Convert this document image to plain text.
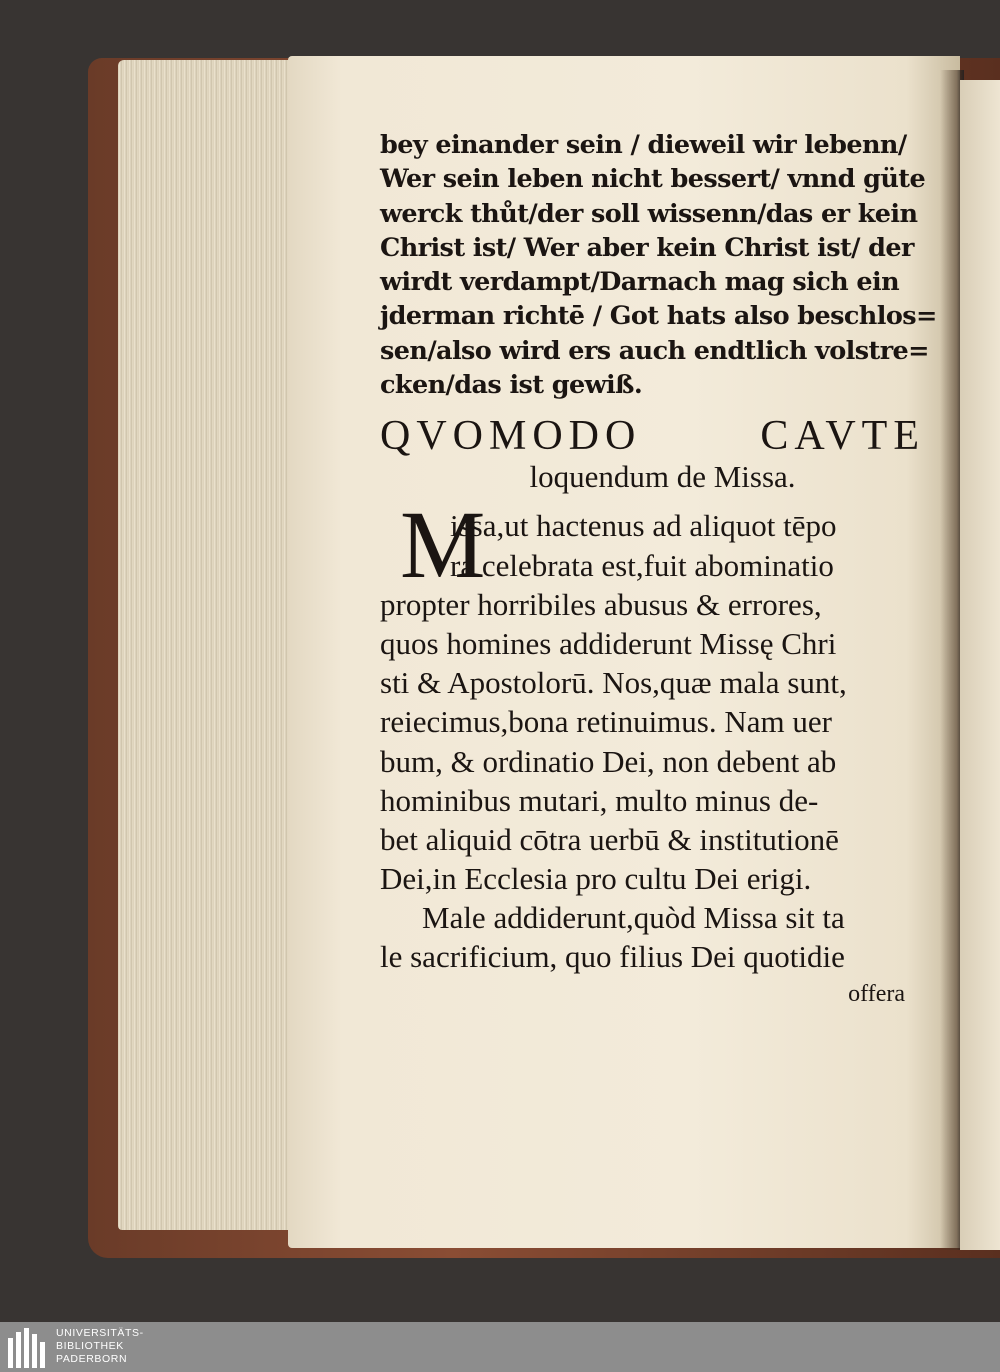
bey einander sein / dieweil wir lebenn/
Wer sein leben nicht bessert/ vnnd güte
werck thůt/der soll wissenn/das er kein
Christ ist/ Wer aber kein Christ ist/ der
wirdt verdampt/Darnach mag sich ein
jderman richtē / Got hats also beschlos=
sen/also wird ers auch endtlich volstre=
cken/das ist gewiß.
QVOMODO	CAVTE
loquendum de Missa.
M
issa,ut hactenus ad aliquot tēpo
ra celebrata est,fuit abominatio
propter horribiles abusus & errores,
quos homines addiderunt Missę Chri
sti & Apostolorū. Nos,quæ mala sunt,
reiecimus,bona retinuimus. Nam uer
bum, & ordinatio Dei, non debent ab
hominibus mutari, multo minus de-
bet aliquid cōtra uerbū & institutionē
Dei,in Ecclesia pro cultu Dei erigi.
Male addiderunt,quòd Missa sit ta
le sacrificium, quo filius Dei quotidie
offera
UNIVERSITÄTS-
BIBLIOTHEK
PADERBORN
